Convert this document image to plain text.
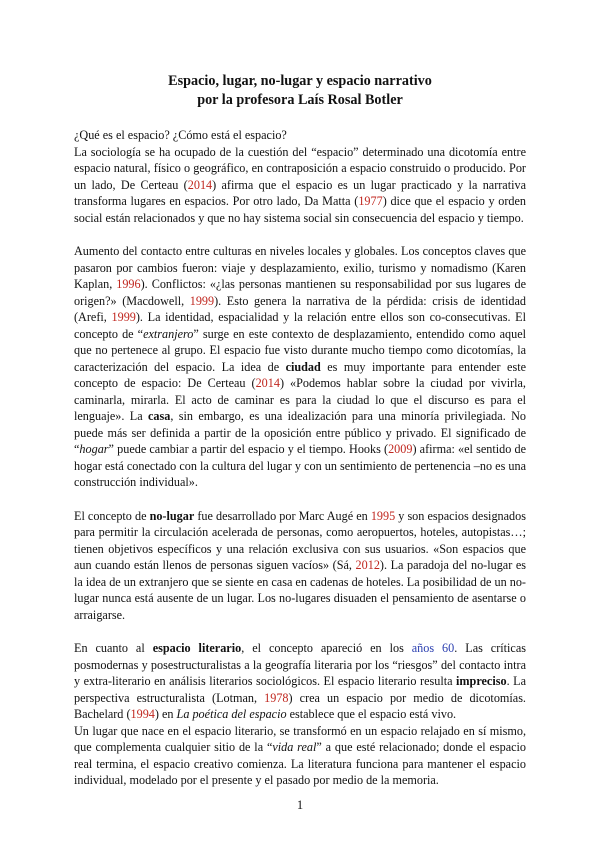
Espacio, lugar, no-lugar y espacio narrativo
por la profesora Laís Rosal Botler
¿Qué es el espacio? ¿Cómo está el espacio?

La sociología se ha ocupado de la cuestión del “espacio” determinado una dicotomía entre espacio natural, físico o geográfico, en contraposición a espacio construido o producido. Por un lado, De Certeau (2014) afirma que el espacio es un lugar practicado y la narrativa transforma lugares en espacios. Por otro lado, Da Matta (1977) dice que el espacio y orden social están relacionados y que no hay sistema social sin consecuencia del espacio y tiempo.

Aumento del contacto entre culturas en niveles locales y globales. Los conceptos claves que pasaron por cambios fueron: viaje y desplazamiento, exilio, turismo y nomadismo (Karen Kaplan, 1996). Conflictos: «¿las personas mantienen su responsabilidad por sus lugares de origen?» (Macdowell, 1999). Esto genera la narrativa de la pérdida: crisis de identidad (Arefi, 1999). La identidad, espacialidad y la relación entre ellos son co-consecutivas. El concepto de “extranjero” surge en este contexto de desplazamiento, entendido como aquel que no pertenece al grupo. El espacio fue visto durante mucho tiempo como dicotomías, la caracterización del espacio. La idea de ciudad es muy importante para entender este concepto de espacio: De Certeau (2014) «Podemos hablar sobre la ciudad por vivirla, caminarla, mirarla. El acto de caminar es para la ciudad lo que el discurso es para el lenguaje». La casa, sin embargo, es una idealización para una minoría privilegiada. No puede más ser definida a partir de la oposición entre público y privado. El significado de “hogar” puede cambiar a partir del espacio y el tiempo. Hooks (2009) afirma: «el sentido de hogar está conectado con la cultura del lugar y con un sentimiento de pertenencia –no es una construcción individual».

El concepto de no-lugar fue desarrollado por Marc Augé en 1995 y son espacios designados para permitir la circulación acelerada de personas, como aeropuertos, hoteles, autopistas…; tienen objetivos específicos y una relación exclusiva con sus usuarios. «Son espacios que aun cuando están llenos de personas siguen vacíos» (Sá, 2012). La paradoja del no-lugar es la idea de un extranjero que se siente en casa en cadenas de hoteles. La posibilidad de un no-lugar nunca está ausente de un lugar. Los no-lugares disuaden el pensamiento de asentarse o arraigarse.

En cuanto al espacio literario, el concepto apareció en los años 60. Las críticas posmodernas y posestructuralistas a la geografía literaria por los “riesgos” del contacto intra y extra-literario en análisis literarios sociológicos. El espacio literario resulta impreciso. La perspectiva estructuralista (Lotman, 1978) crea un espacio por medio de dicotomías. Bachelard (1994) en La poética del espacio establece que el espacio está vivo.

Un lugar que nace en el espacio literario, se transformó en un espacio relajado en sí mismo, que complementa cualquier sitio de la “vida real” a que esté relacionado; donde el espacio real termina, el espacio creativo comienza. La literatura funciona para mantener el espacio individual, modelado por el presente y el pasado por medio de la memoria.

1
